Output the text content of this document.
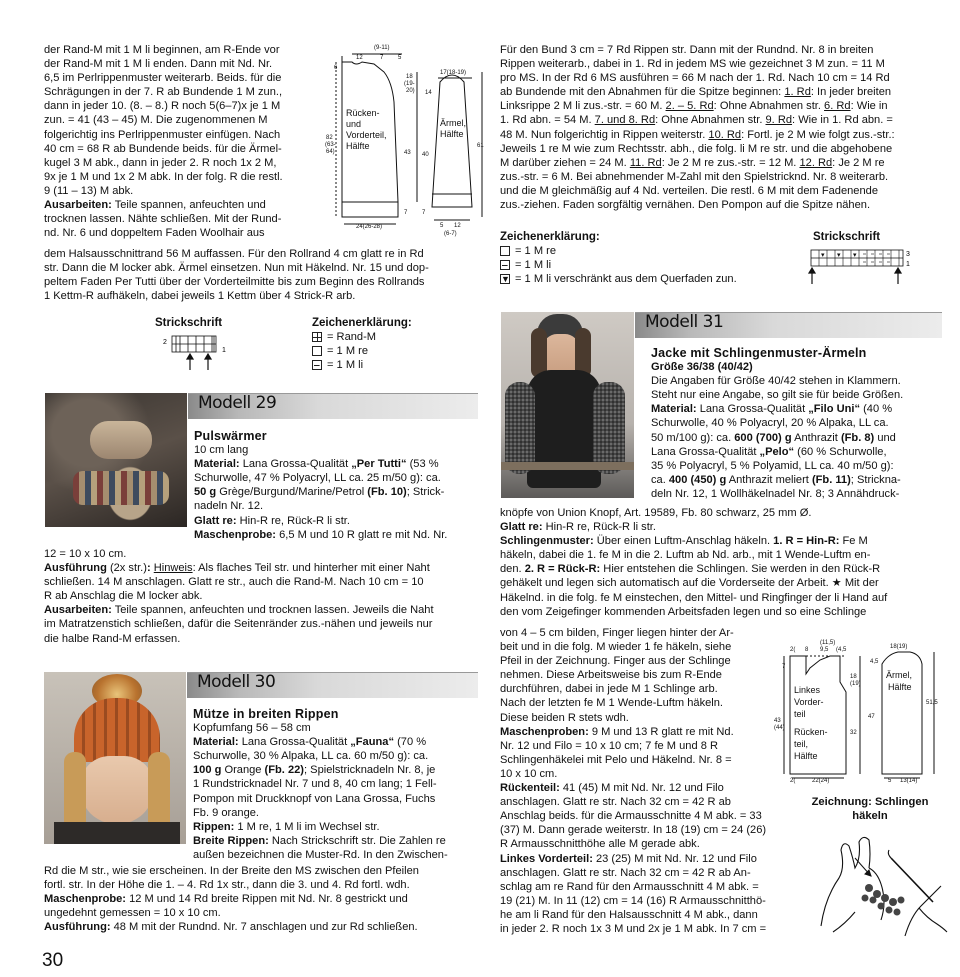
der Rand-M mit 1 M li beginnen, am R-Ende vor
der Rand-M mit 1 M li enden. Dann mit Nd. Nr.
6,5 im Perlrippenmuster weiterarb. Beids. für die
Schrägungen in der 7. R ab Bundende 1 M zun.,
dann in jeder 10. (8. – 8.) R noch 5(6–7)x je 1 M
zun. = 41 (43 – 45) M. Die zugenommenen M
folgerichtig ins Perlrippenmuster einfügen. Nach
40 cm = 68 R ab Bundende beids. für die Ärmel-
kugel 3 M abk., dann in jeder 2. R noch 1x 2 M,
9x je 1 M und 1x 2 M abk. In der folg. R die restl.
9 (11 – 13) M abk.
Ausarbeiten: Teile spannen, anfeuchten und
trocknen lassen. Nähte schließen. Mit der Rund-
nd. Nr. 6 und doppeltem Faden Woolhair aus
dem Halsausschnittrand 56 M auffassen. Für den Rollrand 4 cm glatt re in Rd
str. Dann die M locker abk. Ärmel einsetzen. Nun mit Häkelnd. Nr. 15 und dop-
peltem Faden Per Tutti über der Vorderteilmitte bis zum Beginn des Rollrands
1 Kettm-R aufhäkeln, dabei jeweils 1 Kettm über 4 Strick-R arb.
(9-11)
12	7 5
6
18
(19-
20) 14
82
(63-
64)	43 40
7 7
24(26-28)
17(18-19)
61
5 12
(6-7)
Rücken-
und
Vorderteil,
Hälfte
Ärmel,
Hälfte
Strickschrift
2
1
Zeichenerklärung:
= Rand-M
= 1 M re
= 1 M li
Modell 29
Pulswärmer
10 cm lang
Material: Lana Grossa-Qualität „Per Tutti“ (53 %
Schurwolle, 47 % Polyacryl, LL ca. 25 m/50 g): ca.
50 g Grège/Burgund/Marine/Petrol (Fb. 10); Strick-
nadeln Nr. 12.
Glatt re: Hin-R re, Rück-R li str.
Maschenprobe: 6,5 M und 10 R glatt re mit Nd. Nr.
12 = 10 x 10 cm.
Ausführung (2x str.): Hinweis: Als flaches Teil str. und hinterher mit einer Naht
schließen. 14 M anschlagen. Glatt re str., auch die Rand-M. Nach 10 cm = 10
R ab Anschlag die M locker abk.
Ausarbeiten: Teile spannen, anfeuchten und trocknen lassen. Jeweils die Naht
im Matratzenstich schließen, dafür die Seitenränder zus.-nähen und jeweils nur
die halbe Rand-M erfassen.
Modell 30
Mütze in breiten Rippen
Kopfumfang 56 – 58 cm
Material: Lana Grossa-Qualität „Fauna“ (70 %
Schurwolle, 30 % Alpaka, LL ca. 60 m/50 g): ca.
100 g Orange (Fb. 22); Spielstricknadeln Nr. 8, je
1 Rundstricknadel Nr. 7 und 8, 40 cm lang; 1 Fell-
Pompon mit Druckknopf von Lana Grossa, Fuchs
Fb. 9 orange.
Rippen: 1 M re, 1 M li im Wechsel str.
Breite Rippen: Nach Strickschrift str. Die Zahlen re
außen bezeichnen die Muster-Rd. In den Zwischen-
Rd die M str., wie sie erscheinen. In der Breite den MS zwischen den Pfeilen
fortl. str. In der Höhe die 1. – 4. Rd 1x str., dann die 3. und 4. Rd fortl. wdh.
Maschenprobe: 12 M und 14 Rd breite Rippen mit Nd. Nr. 8 gestrickt und
ungedehnt gemessen = 10 x 10 cm.
Ausführung: 48 M mit der Rundnd. Nr. 7 anschlagen und zur Rd schließen.
30
Für den Bund 3 cm = 7 Rd Rippen str. Dann mit der Rundnd. Nr. 8 in breiten
Rippen weiterarb., dabei in 1. Rd in jedem MS wie gezeichnet 3 M zun. = 11 M
pro MS. In der Rd 6 MS ausführen = 66 M nach der 1. Rd. Nach 10 cm = 14 Rd
ab Bundende mit den Abnahmen für die Spitze beginnen: 1. Rd: In jeder breiten
Linksrippe 2 M li zus.-str. = 60 M. 2. – 5. Rd: Ohne Abnahmen str. 6. Rd: Wie in
1. Rd abn. = 54 M. 7. und 8. Rd: Ohne Abnahmen str. 9. Rd: Wie in 1. Rd abn. =
48 M. Nun folgerichtig in Rippen weiterstr. 10. Rd: Fortl. je 2 M wie folgt zus.-str.:
Jeweils 1 re M wie zum Rechtsstr. abh., die folg. li M re str. und die abgehobene
M darüber ziehen = 24 M. 11. Rd: Je 2 M re zus.-str. = 12 M. 12. Rd: Je 2 M re
zus.-str. = 6 M. Bei abnehmender M-Zahl mit den Spielstricknd. Nr. 8 weiterarb.
und die M gleichmäßig auf 4 Nd. verteilen. Die restl. 6 M mit dem Fadenende
zus.-ziehen. Faden sorgfältig vernähen. Den Pompon auf die Spitze nähen.
Zeichenerklärung:
= 1 M re
= 1 M li
▼ = 1 M li verschränkt aus dem Querfaden zun.
Strickschrift
▾ ▾ ▾	3
1
Modell 31
Jacke mit Schlingenmuster-Ärmeln
Größe 36/38 (40/42)
Die Angaben für Größe 40/42 stehen in Klammern.
Steht nur eine Angabe, so gilt sie für beide Größen.
Material: Lana Grossa-Qualität „Filo Uni“ (40 %
Schurwolle, 40 % Polyacryl, 20 % Alpaka, LL ca.
50 m/100 g): ca. 600 (700) g Anthrazit (Fb. 8) und
Lana Grossa-Qualität „Pelo“ (60 % Schurwolle,
35 % Polyacryl, 5 % Polyamid, LL ca. 40 m/50 g):
ca. 400 (450) g Anthrazit meliert (Fb. 11); Strickna-
deln Nr. 12, 1 Wollhäkelnadel Nr. 8; 3 Annähdruck-
knöpfe von Union Knopf, Art. 19589, Fb. 80 schwarz, 25 mm Ø.
Glatt re: Hin-R re, Rück-R li str.
Schlingenmuster: Über einen Luftm-Anschlag häkeln. 1. R = Hin-R: Fe M
häkeln, dabei die 1. fe M in die 2. Luftm ab Nd. arb., mit 1 Wende-Luftm en-
den. 2. R = Rück-R: Hier entstehen die Schlingen. Sie werden in den Rück-R
gehäkelt und legen sich automatisch auf die Vorderseite der Arbeit. ★ Mit der
Häkelnd. in die folg. fe M einstechen, den Mittel- und Ringfinger der li Hand auf
den vom Zeigefinger kommenden Arbeitsfaden legen und so eine Schlinge
von 4 – 5 cm bilden, Finger liegen hinter der Ar-
beit und in die folg. M wieder 1 fe häkeln, siehe
Pfeil in der Zeichnung. Finger aus der Schlinge
nehmen. Diese Arbeitsweise bis zum R-Ende
durchführen, dabei in jede M 1 Schlinge arb.
Nach der letzten fe M 1 Wende-Luftm häkeln.
Diese beiden R stets wdh.
Maschenproben: 9 M und 13 R glatt re mit Nd.
Nr. 12 und Filo = 10 x 10 cm; 7 fe M und 8 R
Schlingenhäkelei mit Pelo und Häkelnd. Nr. 8 =
10 x 10 cm.
Rückenteil: 41 (45) M mit Nd. Nr. 12 und Filo
anschlagen. Glatt re str. Nach 32 cm = 42 R ab
Anschlag beids. für die Armausschnitte 4 M abk. = 33
(37) M. Dann gerade weiterstr. In 18 (19) cm = 24 (26)
R Armausschnitthöhe alle M gerade abk.
Linkes Vorderteil: 23 (25) M mit Nd. Nr. 12 und Filo
anschlagen. Glatt re str. Nach 32 cm = 42 R ab An-
schlag am re Rand für den Armausschnitt 4 M abk. =
19 (21) M. In 11 (12) cm = 14 (16) R Armausschnitthö-
he am li Rand für den Halsausschnitt 4 M abk., dann
in jeder 2. R noch 1x 3 M und 2x je 1 M abk. In 7 cm =
(11,5)
2( 8 9,5 (4,5	18(19)
7
18
(19)
43
(44)
32
47
4,5
51,5
22(24)
2(	5 13(14)
Linkes
Vorder-
teil
Rücken-
teil,
Hälfte
Ärmel,
Hälfte
Zeichnung: Schlingen
häkeln
